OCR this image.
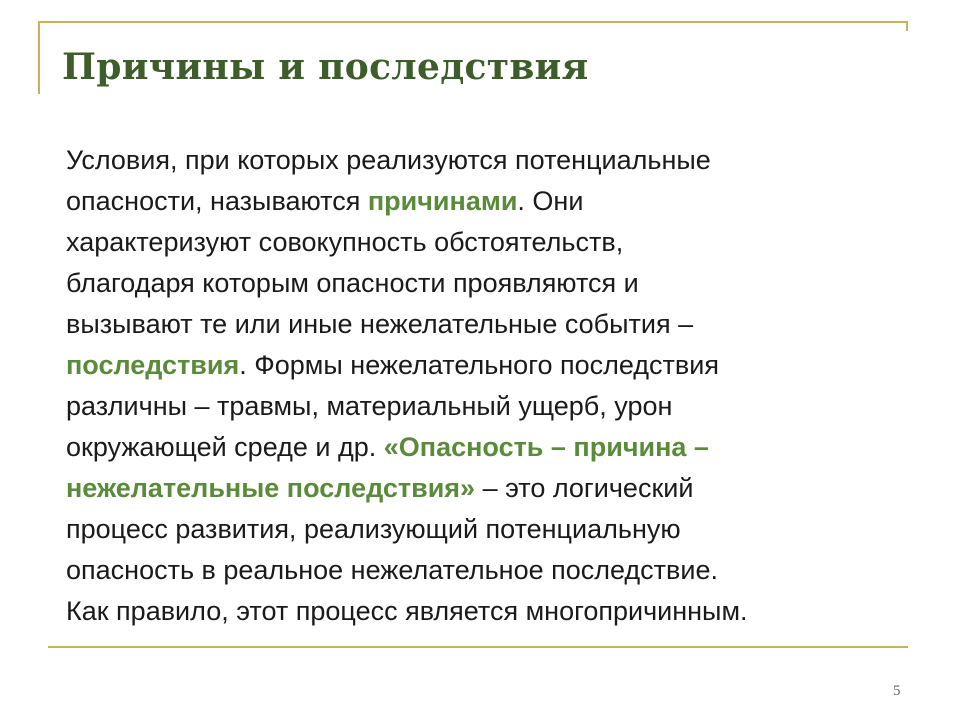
Причины и последствия
Условия, при которых реализуются потенциальные
опасности, называются причинами. Они
характеризуют совокупность обстоятельств,
благодаря которым опасности проявляются и
вызывают те или иные нежелательные события –
последствия. Формы нежелательного последствия
различны – травмы, материальный ущерб, урон
окружающей среде и др. «Опасность – причина –
нежелательные последствия» – это логический
процесс развития, реализующий потенциальную
опасность в реальное нежелательное последствие.
Как правило, этот процесс является многопричинным.
5
